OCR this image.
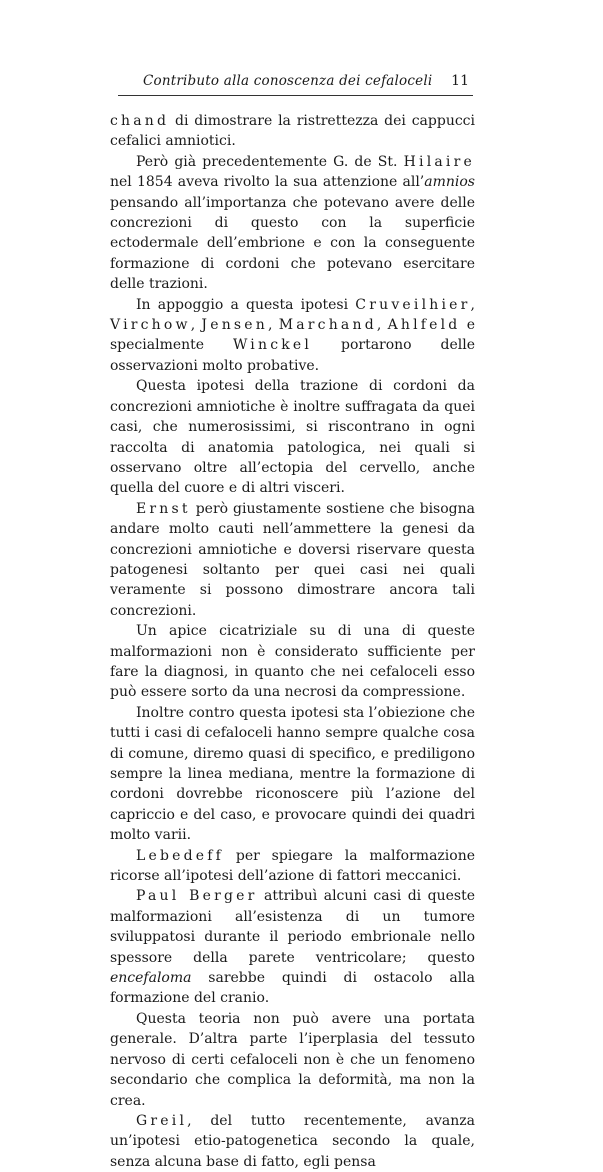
Contributo alla conoscenza dei cefaloceli 11

chand di dimostrare la ristrettezza dei cappucci cefalici amniotici.

Però già precedentemente G. de St. Hilaire nel 1854 aveva rivolto la sua attenzione all’amnios pensando all’importanza che potevano avere delle concrezioni di questo con la superficie ectodermale dell’embrione e con la conseguente formazione di cordoni che potevano esercitare delle trazioni.

In appoggio a questa ipotesi Cruveilhier, Virchow, Jensen, Marchand, Ahlfeld e specialmente Winckel portarono delle osservazioni molto probative.

Questa ipotesi della trazione di cordoni da concrezioni amniotiche è inoltre suffragata da quei casi, che numerosissimi, si riscontrano in ogni raccolta di anatomia patologica, nei quali si osservano oltre all’ectopia del cervello, anche quella del cuore e di altri visceri.

Ernst però giustamente sostiene che bisogna andare molto cauti nell’ammettere la genesi da concrezioni amniotiche e doversi riservare questa patogenesi soltanto per quei casi nei quali veramente si possono dimostrare ancora tali concrezioni.

Un apice cicatriziale su di una di queste malformazioni non è considerato sufficiente per fare la diagnosi, in quanto che nei cefaloceli esso può essere sorto da una necrosi da compressione.

Inoltre contro questa ipotesi sta l’obiezione che tutti i casi di cefaloceli hanno sempre qualche cosa di comune, diremo quasi di specifico, e prediligono sempre la linea mediana, mentre la formazione di cordoni dovrebbe riconoscere più l’azione del capriccio e del caso, e provocare quindi dei quadri molto varii.

Lebedeff per spiegare la malformazione ricorse all’ipotesi dell’azione di fattori meccanici.

Paul Berger attribuì alcuni casi di queste malformazioni all’esistenza di un tumore sviluppatosi durante il periodo embrionale nello spessore della parete ventricolare; questo encefaloma sarebbe quindi di ostacolo alla formazione del cranio.

Questa teoria non può avere una portata generale. D’altra parte l’iperplasia del tessuto nervoso di certi cefaloceli non è che un fenomeno secondario che complica la deformità, ma non la crea.

Greil, del tutto recentemente, avanza un’ipotesi etio-patogenetica secondo la quale, senza alcuna base di fatto, egli pensa
